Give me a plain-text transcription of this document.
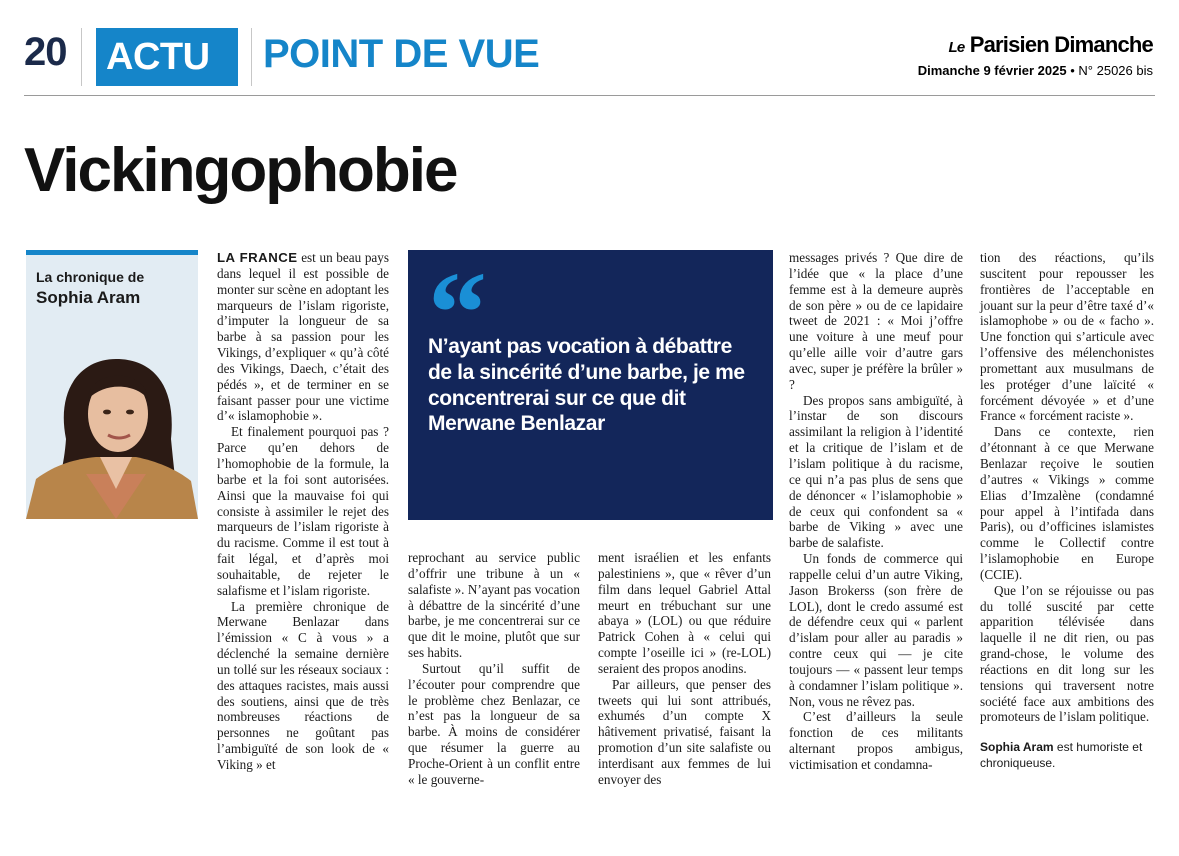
20 ACTU	POINT DE VUE	Le Parisien Dimanche
Dimanche 9 février 2025 • N° 25026 bis
Vickingophobie
La chronique de
Sophia Aram

LA FRANCE est un beau pays dans lequel il est possible de monter sur scène en adoptant les marqueurs de l’islam rigoriste, d’imputer la longueur de sa barbe à sa passion pour les Vikings, d’expliquer « qu’à côté des Vikings, Daech, c’était des pédés », et de terminer en se faisant passer pour une victime d’« islamophobie ».

Et finalement pourquoi pas ? Parce qu’en dehors de l’homophobie de la formule, la barbe et la foi sont autorisées. Ainsi que la mauvaise foi qui consiste à assimiler le rejet des marqueurs de l’islam rigoriste à du racisme. Comme il est tout à fait légal, et d’après moi souhaitable, de rejeter le salafisme et l’islam rigoriste.

La première chronique de Merwane Benlazar dans l’émission « C à vous » a déclenché la semaine dernière un tollé sur les réseaux sociaux : des attaques racistes, mais aussi des soutiens, ainsi que de très nombreuses réactions de personnes ne goûtant pas l’ambiguïté de son look de « Viking » et

“
N’ayant pas vocation à débattre de la sincérité d’une barbe, je me concentrerai sur ce que dit Merwane Benlazar

reprochant au service public d’offrir une tribune à un « salafiste ». N’ayant pas vocation à débattre de la sincérité d’une barbe, je me concentrerai sur ce que dit le moine, plutôt que sur ses habits.

Surtout qu’il suffit de l’écouter pour comprendre que le problème chez Benlazar, ce n’est pas la longueur de sa barbe. À moins de considérer que résumer la guerre au Proche-Orient à un conflit entre « le gouverne-

ment israélien et les enfants palestiniens », que « rêver d’un film dans lequel Gabriel Attal meurt en trébuchant sur une abaya » (LOL) ou que réduire Patrick Cohen à « celui qui compte l’oseille ici » (re-LOL) seraient des propos anodins.

Par ailleurs, que penser des tweets qui lui sont attribués, exhumés d’un compte X hâtivement privatisé, faisant la promotion d’un site salafiste ou interdisant aux femmes de lui envoyer des

messages privés ? Que dire de l’idée que « la place d’une femme est à la demeure auprès de son père » ou de ce lapidaire tweet de 2021 : « Moi j’offre une voiture à une meuf pour qu’elle aille voir d’autre gars avec, super je préfère la brûler » ?

Des propos sans ambiguïté, à l’instar de son discours assimilant la religion à l’identité et la critique de l’islam et de l’islam politique à du racisme, ce qui n’a pas plus de sens que de dénoncer « l’islamophobie » de ceux qui confondent sa « barbe de Viking » avec une barbe de salafiste.

Un fonds de commerce qui rappelle celui d’un autre Viking, Jason Brokerss (son frère de LOL), dont le credo assumé est de défendre ceux qui « parlent d’islam pour aller au paradis » contre ceux qui — je cite toujours — « passent leur temps à condamner l’islam politique ». Non, vous ne rêvez pas.

C’est d’ailleurs la seule fonction de ces militants alternant propos ambigus, victimisation et condamna-

tion des réactions, qu’ils suscitent pour repousser les frontières de l’acceptable en jouant sur la peur d’être taxé d’« islamophobe » ou de « facho ». Une fonction qui s’articule avec l’offensive des mélenchonistes promettant aux musulmans de les protéger d’une laïcité « forcément dévoyée » et d’une France « forcément raciste ».

Dans ce contexte, rien d’étonnant à ce que Merwane Benlazar reçoive le soutien d’autres « Vikings » comme Elias d’Imzalène (condamné pour appel à l’intifada dans Paris), ou d’officines islamistes comme le Collectif contre l’islamophobie en Europe (CCIE).

Que l’on se réjouisse ou pas du tollé suscité par cette apparition télévisée dans laquelle il ne dit rien, ou pas grand-chose, le volume des réactions en dit long sur les tensions qui traversent notre société face aux ambitions des promoteurs de l’islam politique.

Sophia Aram est humoriste et chroniqueuse.
